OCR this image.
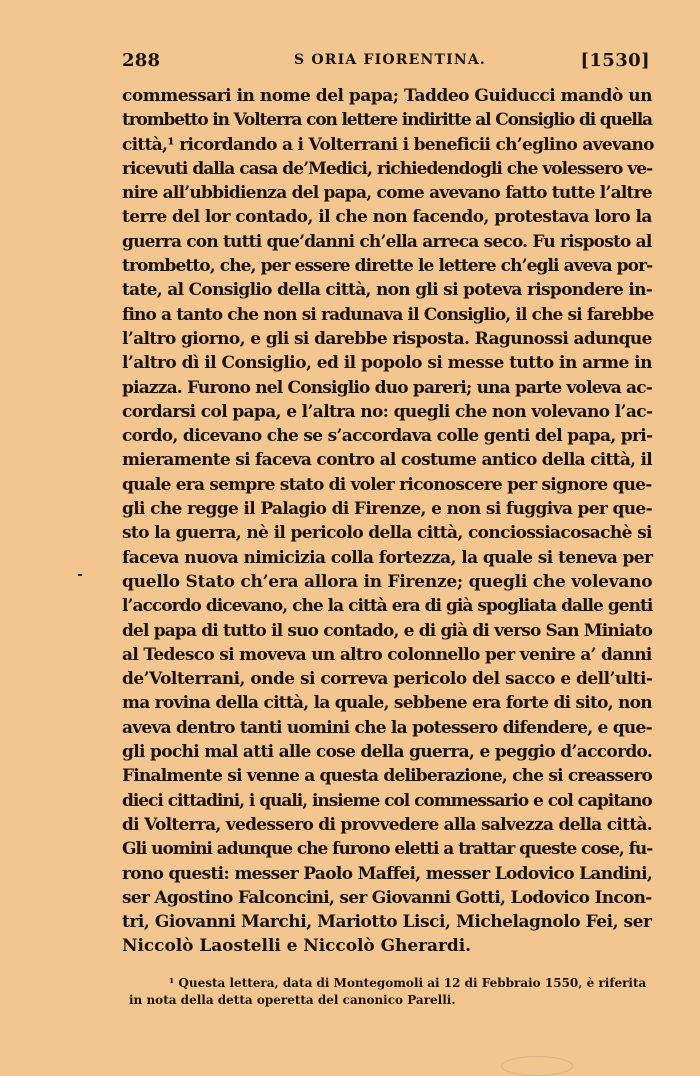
288	S ORIA FIORENTINA.	[1530]
commessari in nome del papa; Taddeo Guiducci mandò un
trombetto in Volterra con lettere indiritte al Consiglio di quella
città,¹ ricordando a i Volterrani i beneficii ch’eglino avevano
ricevuti dalla casa de’Medici, richiedendogli che volessero ve-
nire all’ubbidienza del papa, come avevano fatto tutte l’altre
terre del lor contado, il che non facendo, protestava loro la
guerra con tutti que’danni ch’ella arreca seco. Fu risposto al
trombetto, che, per essere dirette le lettere ch’egli aveva por-
tate, al Consiglio della città, non gli si poteva rispondere in-
fino a tanto che non si radunava il Consiglio, il che si farebbe
l’altro giorno, e gli si darebbe risposta. Ragunossi adunque
l’altro dì il Consiglio, ed il popolo si messe tutto in arme in
piazza. Furono nel Consiglio duo pareri; una parte voleva ac-
cordarsi col papa, e l’altra no: quegli che non volevano l’ac-
cordo, dicevano che se s’accordava colle genti del papa, pri-
mieramente si faceva contro al costume antico della città, il
quale era sempre stato di voler riconoscere per signore que-
gli che regge il Palagio di Firenze, e non si fuggiva per que-
sto la guerra, nè il pericolo della città, conciossiacosachè si
faceva nuova nimicizia colla fortezza, la quale si teneva per
quello Stato ch’era allora in Firenze; quegli che volevano
l’accordo dicevano, che la città era di già spogliata dalle genti
del papa di tutto il suo contado, e di già di verso San Miniato
al Tedesco si moveva un altro colonnello per venire a’ danni
de’Volterrani, onde si correva pericolo del sacco e dell’ulti-
ma rovina della città, la quale, sebbene era forte di sito, non
aveva dentro tanti uomini che la potessero difendere, e que-
gli pochi mal atti alle cose della guerra, e peggio d’accordo.
Finalmente si venne a questa deliberazione, che si creassero
dieci cittadini, i quali, insieme col commessario e col capitano
di Volterra, vedessero di provvedere alla salvezza della città.
Gli uomini adunque che furono eletti a trattar queste cose, fu-
rono questi: messer Paolo Maffei, messer Lodovico Landini,
ser Agostino Falconcini, ser Giovanni Gotti, Lodovico Incon-
tri, Giovanni Marchi, Mariotto Lisci, Michelagnolo Fei, ser
Niccolò Laostelli e Niccolò Gherardi.
¹ Questa lettera, data di Montegomoli ai 12 di Febbraio 1550, è riferita
in nota della detta operetta del canonico Parelli.
